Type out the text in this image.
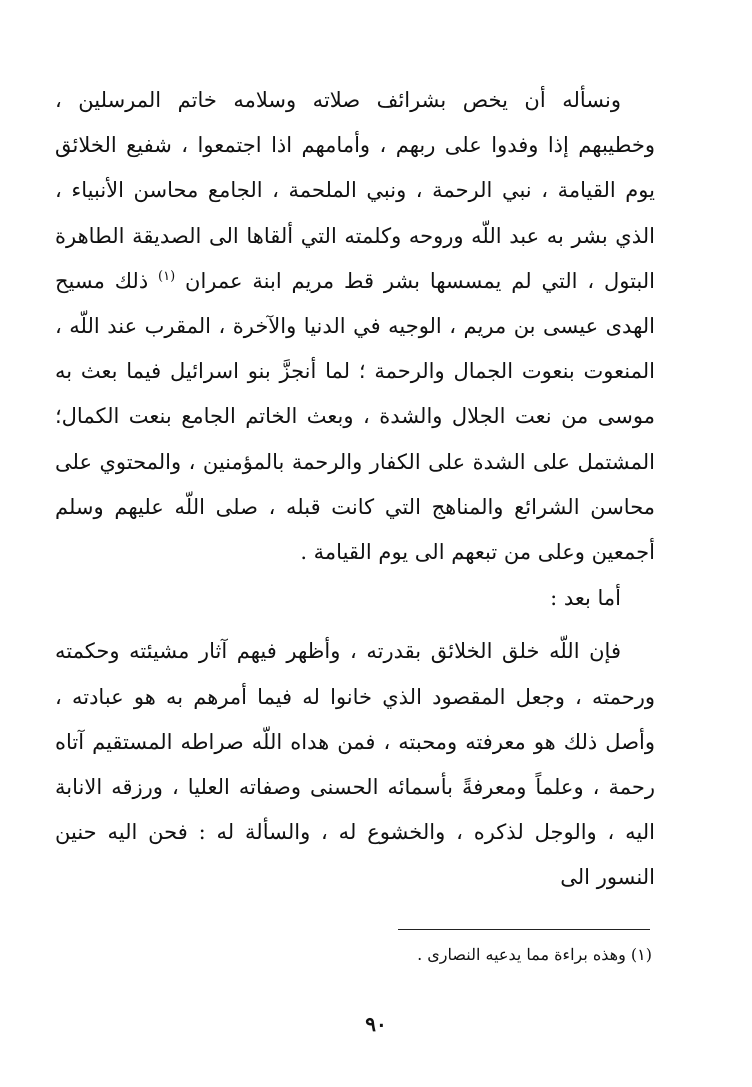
ونسأله أن يخص بشرائف صلاته وسلامه خاتم المرسلين ، وخطيبهم إذا وفدوا على ربهم ، وأمامهم اذا اجتمعوا ، شفيع الخلائق يوم القيامة ، نبي الرحمة ، ونبي الملحمة ، الجامع محاسن الأنبياء ، الذي بشر به عبد اللّه وروحه وكلمته التي ألقاها الى الصديقة الطاهرة البتول ، التي لم يمسسها بشر قط مريم ابنة عمران $^{(١)}$ ذلك مسيح الهدى عيسى بن مريم ، الوجيه في الدنيا والآخرة ، المقرب عند اللّه ، المنعوت بنعوت الجمال والرحمة ؛ لما أنجزَّ بنو اسرائيل فيما بعث به موسى من نعت الجلال والشدة ، وبعث الخاتم الجامع بنعت الكمال؛ المشتمل على الشدة على الكفار والرحمة بالمؤمنين ، والمحتوي على محاسن الشرائع والمناهج التي كانت قبله ، صلى اللّه عليهم وسلم أجمعين وعلى من تبعهم الى يوم القيامة .

أما بعد :

فإن اللّه خلق الخلائق بقدرته ، وأظهر فيهم آثار مشيئته وحكمته ورحمته ، وجعل المقصود الذي خانوا له فيما أمرهم به هو عبادته ، وأصل ذلك هو معرفته ومحبته ، فمن هداه اللّه صراطه المستقيم آتاه رحمة ، وعلماً ومعرفةً بأسمائه الحسنى وصفاته العليا ، ورزقه الانابة اليه ، والوجل لذكره ، والخشوع له ، والسألة له : فحن اليه حنين النسور الى

(١) وهذه براءة مما يدعيه النصارى .
٩٠
